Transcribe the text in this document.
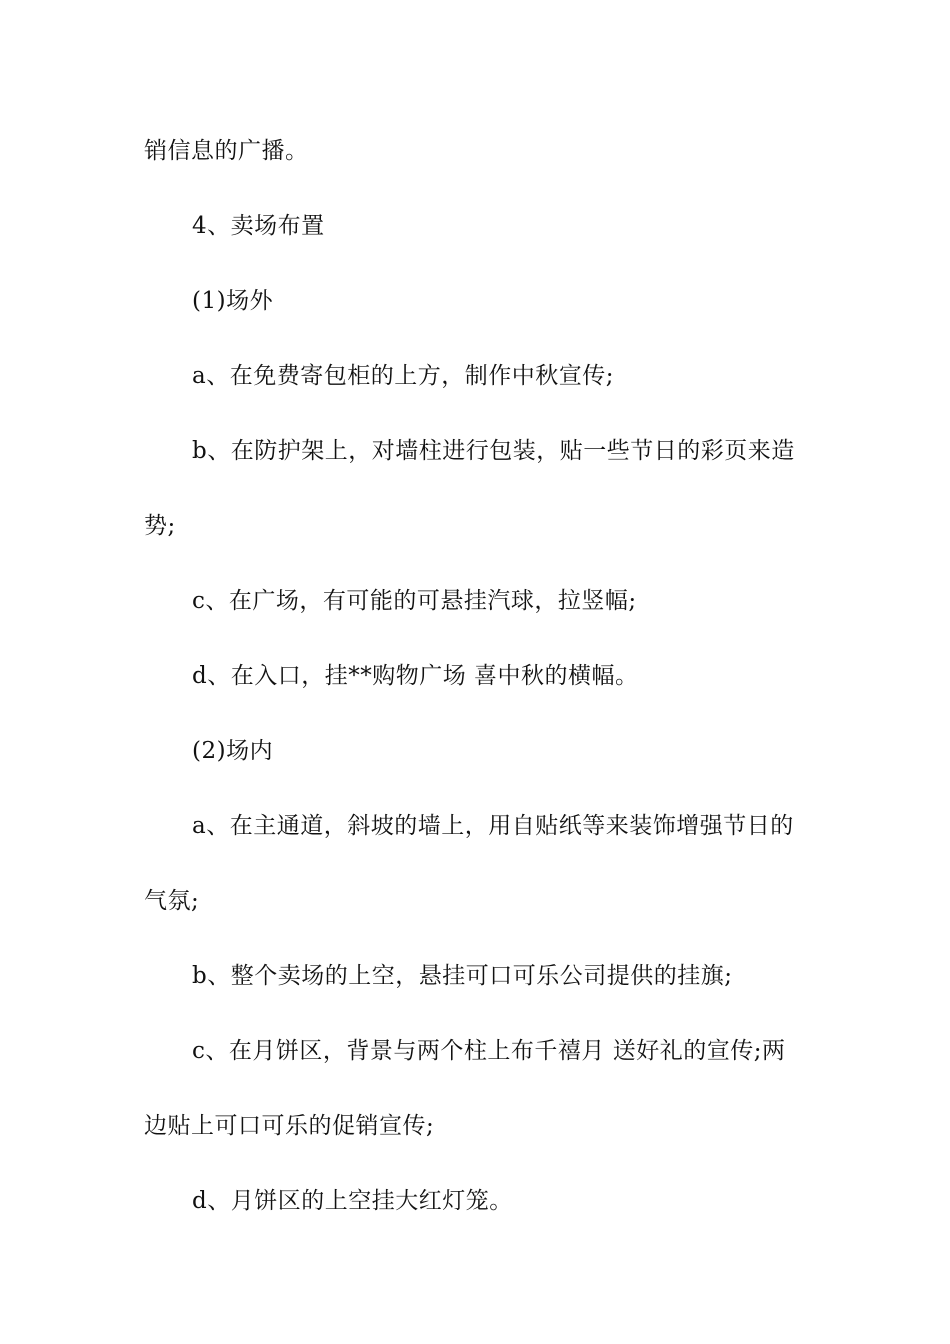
销信息的广播。
4、卖场布置
(1)场外
a、在免费寄包柜的上方，制作中秋宣传;
b、在防护架上，对墙柱进行包装，贴一些节日的彩页来造
势;
c、在广场，有可能的可悬挂汽球，拉竖幅;
d、在入口，挂**购物广场 喜中秋的横幅。
(2)场内
a、在主通道，斜坡的墙上，用自贴纸等来装饰增强节日的
气氛;
b、整个卖场的上空，悬挂可口可乐公司提供的挂旗;
c、在月饼区，背景与两个柱上布千禧月 送好礼的宣传;两
边贴上可口可乐的促销宣传;
d、月饼区的上空挂大红灯笼。
